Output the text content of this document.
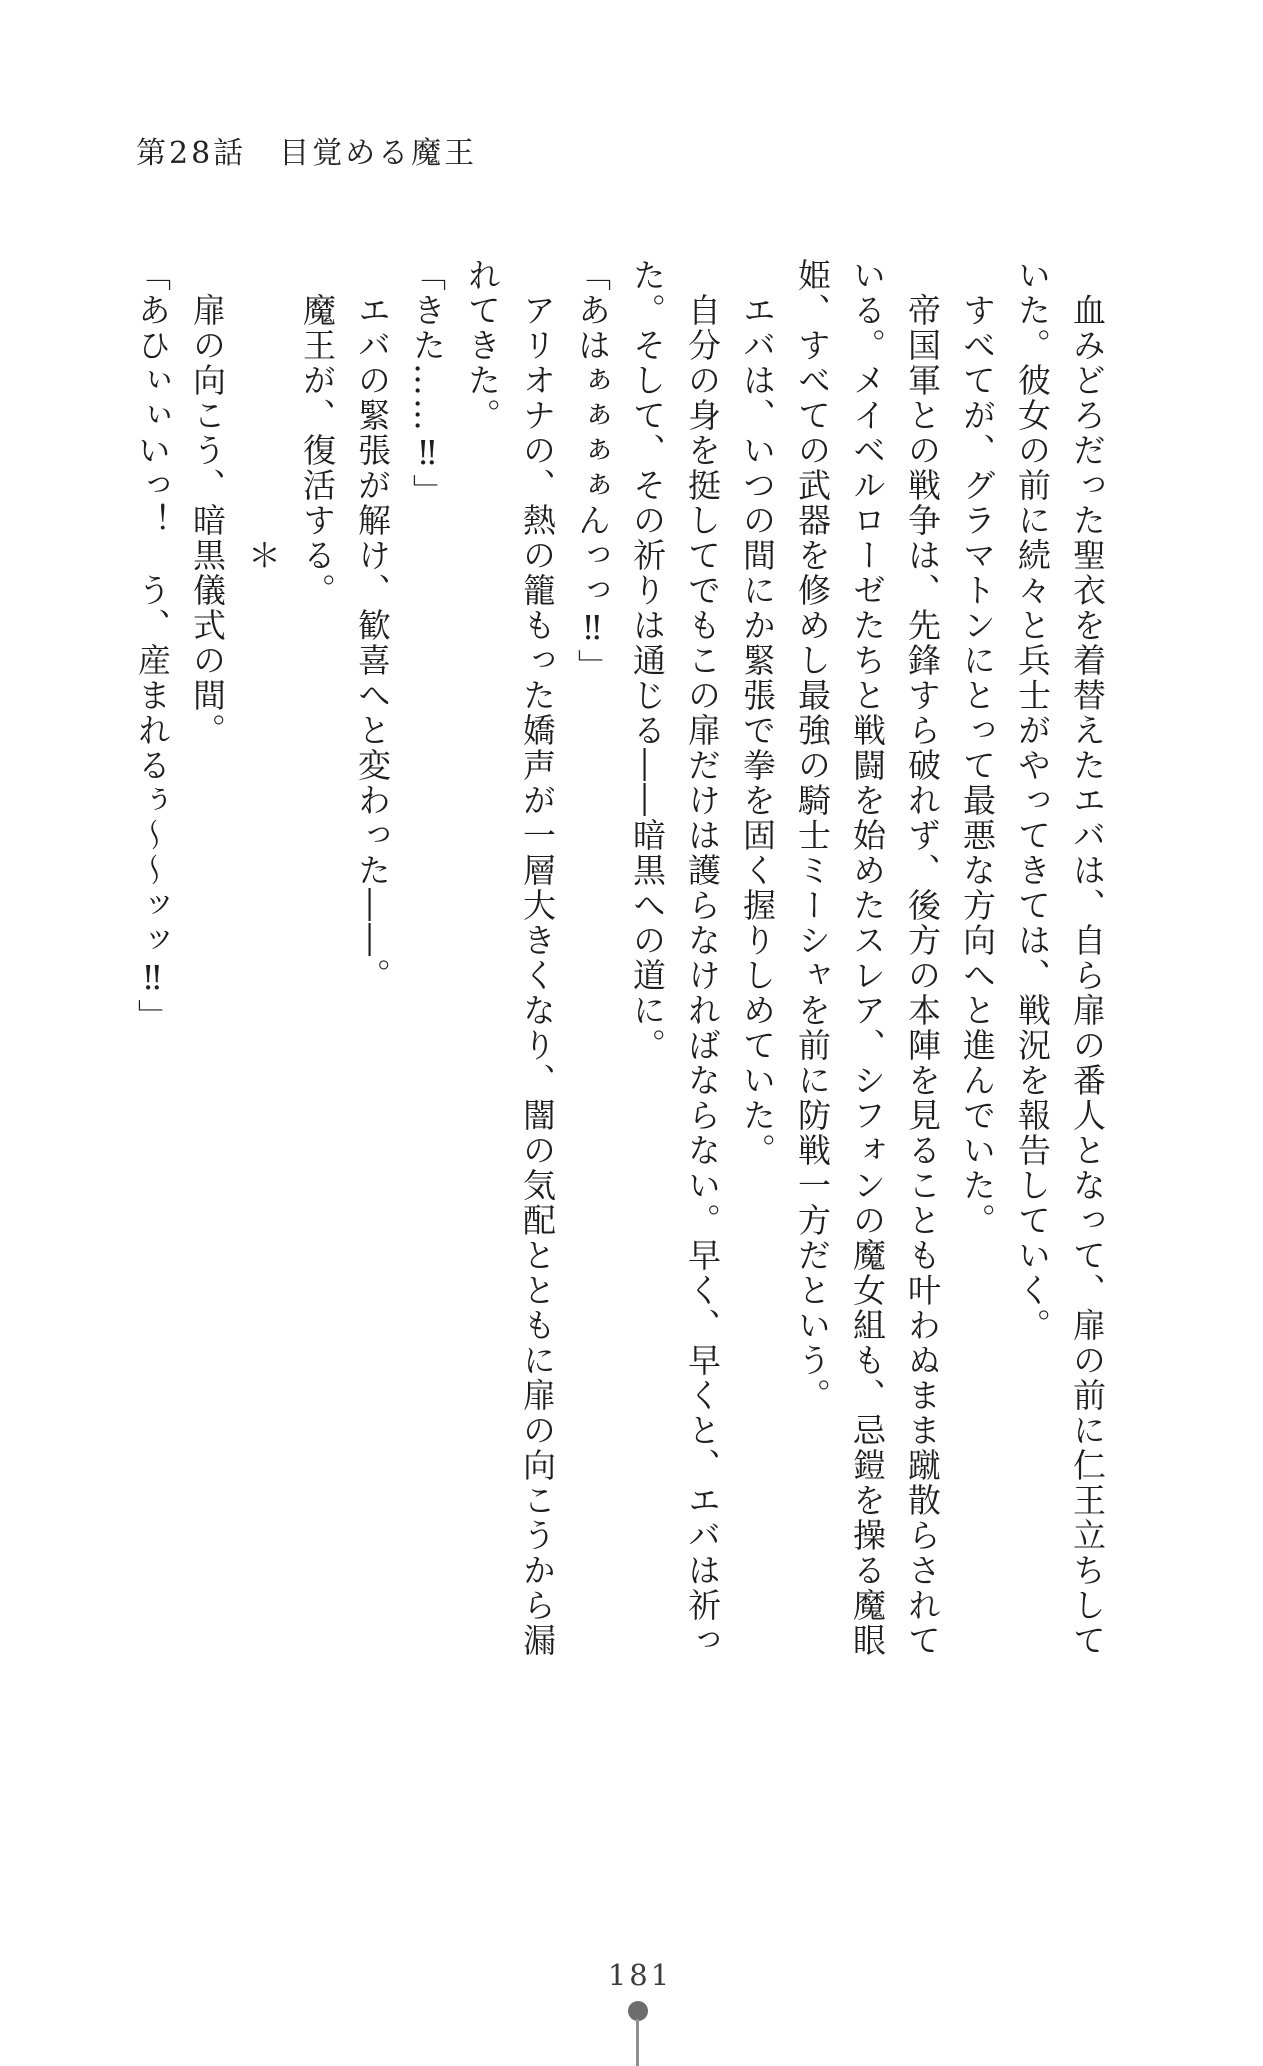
第28話　目覚める魔王

血みどろだった聖衣を着替えたエバは、自ら扉の番人となって、扉の前に仁王立ちして

いた。彼女の前に続々と兵士がやってきては、戦況を報告していく。

すべてが、グラマトンにとって最悪な方向へと進んでいた。

帝国軍との戦争は、先鋒すら破れず、後方の本陣を見ることも叶わぬまま蹴散らされて

いる。メイベルローゼたちと戦闘を始めたスレア、シフォンの魔女組も、忌鎧を操る魔眼

姫、すべての武器を修めし最強の騎士ミーシャを前に防戦一方だという。

エバは、いつの間にか緊張で拳を固く握りしめていた。

自分の身を挺してでもこの扉だけは護らなければならない。早く、早くと、エバは祈っ

た。そして、その祈りは通じる――暗黒への道に。

「あはぁぁぁぁんっっ‼」

アリオナの、熱の籠もった嬌声が一層大きくなり、闇の気配とともに扉の向こうから漏

れてきた。

「きた……‼」

エバの緊張が解け、歓喜へと変わった――。

魔王が、復活する。

＊

扉の向こう、暗黒儀式の間。

「あひぃぃいっ！　う、産まれるぅ〜〜ッッ‼」

181
